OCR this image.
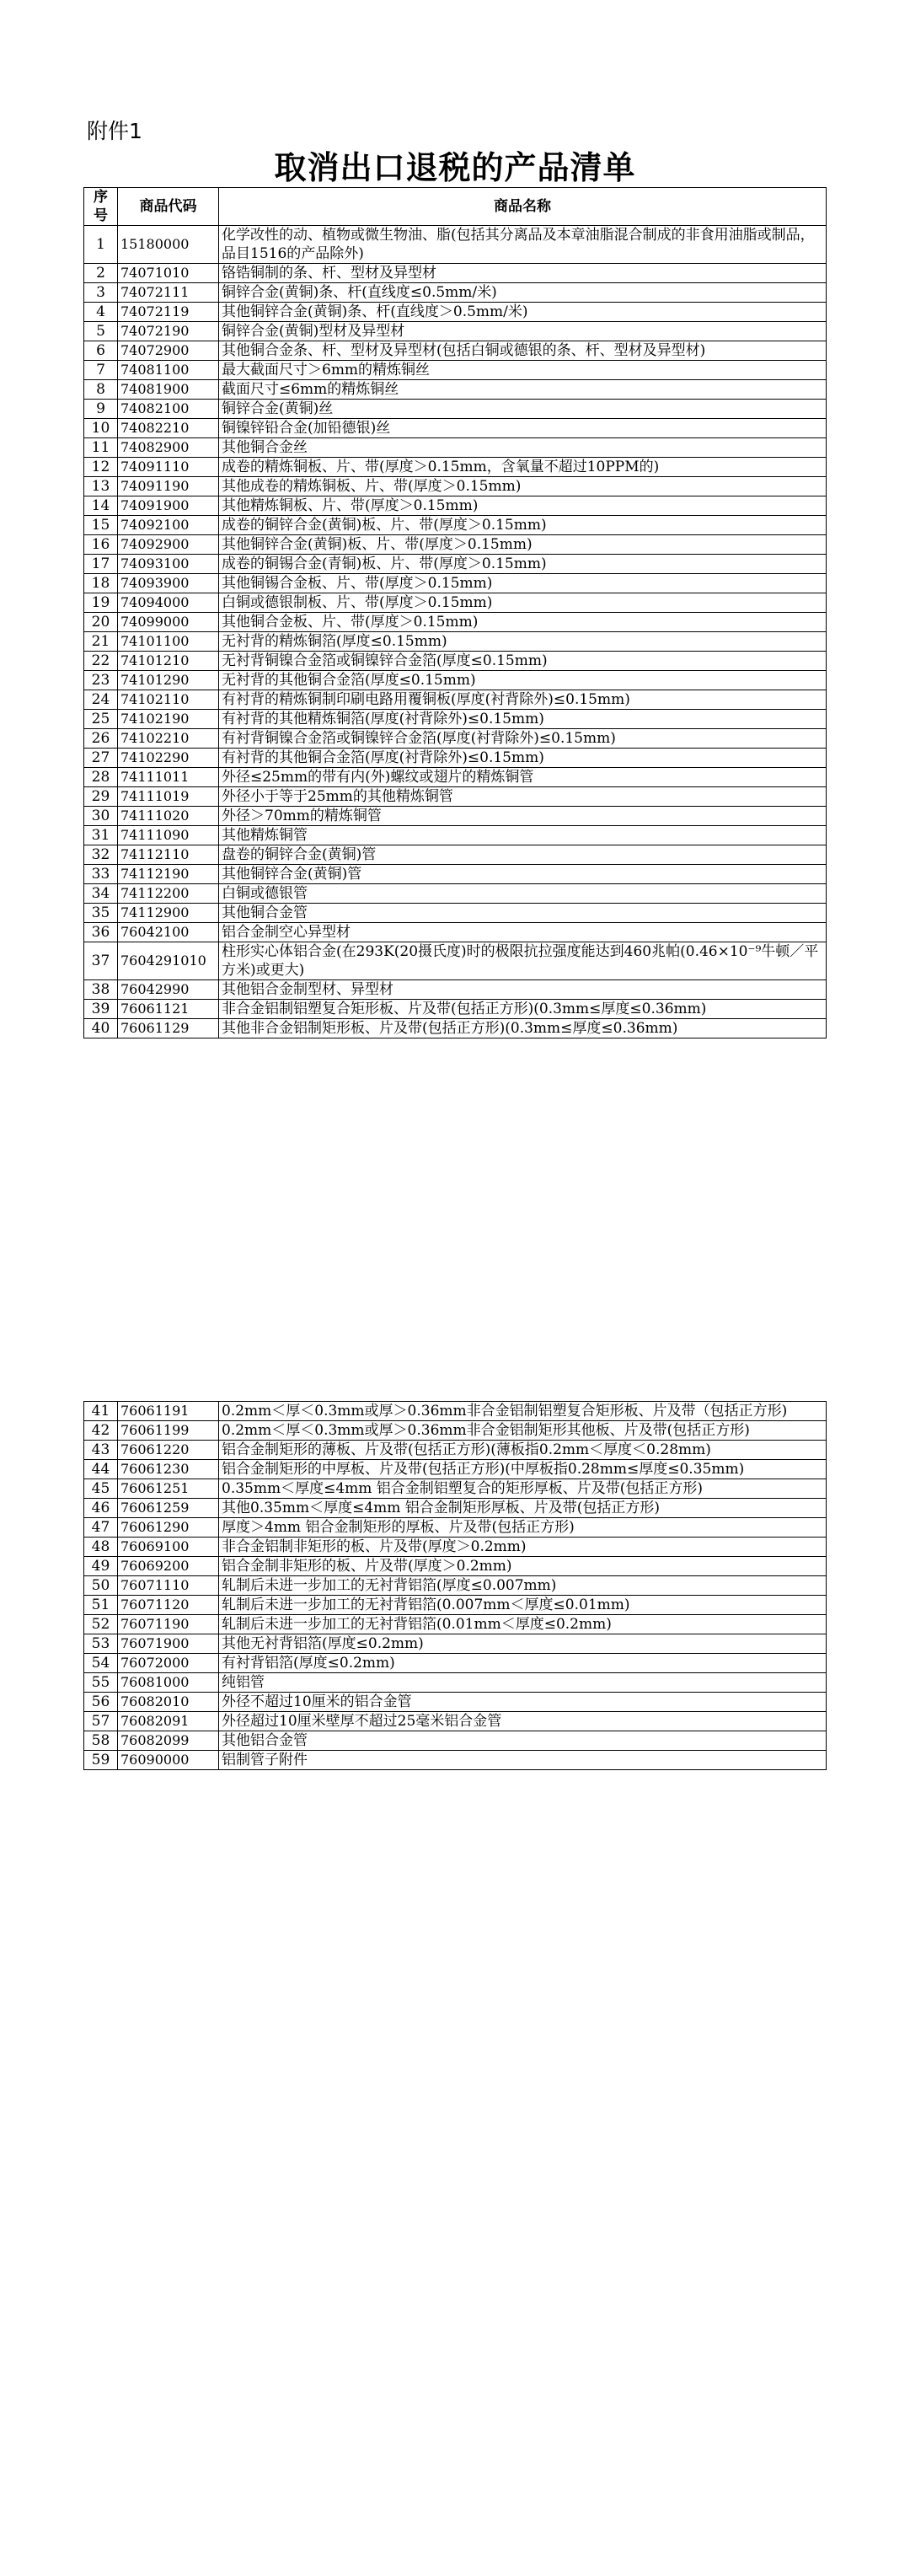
附件1
取消出口退税的产品清单
序号	商品代码	商品名称
1	15180000	化学改性的动、植物或微生物油、脂(包括其分离品及本章油脂混合制成的非食用油脂或制品，品目1516的产品除外)
2	74071010	铬锆铜制的条、杆、型材及异型材
3	74072111	铜锌合金(黄铜)条、杆(直线度≤0.5mm/米)
4	74072119	其他铜锌合金(黄铜)条、杆(直线度＞0.5mm/米)
5	74072190	铜锌合金(黄铜)型材及异型材
6	74072900	其他铜合金条、杆、型材及异型材(包括白铜或德银的条、杆、型材及异型材)
7	74081100	最大截面尺寸＞6mm的精炼铜丝
8	74081900	截面尺寸≤6mm的精炼铜丝
9	74082100	铜锌合金(黄铜)丝
10	74082210	铜镍锌铅合金(加铅德银)丝
11	74082900	其他铜合金丝
12	74091110	成卷的精炼铜板、片、带(厚度＞0.15mm，含氧量不超过10PPM的)
13	74091190	其他成卷的精炼铜板、片、带(厚度＞0.15mm)
14	74091900	其他精炼铜板、片、带(厚度＞0.15mm)
15	74092100	成卷的铜锌合金(黄铜)板、片、带(厚度＞0.15mm)
16	74092900	其他铜锌合金(黄铜)板、片、带(厚度＞0.15mm)
17	74093100	成卷的铜锡合金(青铜)板、片、带(厚度＞0.15mm)
18	74093900	其他铜锡合金板、片、带(厚度＞0.15mm)
19	74094000	白铜或德银制板、片、带(厚度＞0.15mm)
20	74099000	其他铜合金板、片、带(厚度＞0.15mm)
21	74101100	无衬背的精炼铜箔(厚度≤0.15mm)
22	74101210	无衬背铜镍合金箔或铜镍锌合金箔(厚度≤0.15mm)
23	74101290	无衬背的其他铜合金箔(厚度≤0.15mm)
24	74102110	有衬背的精炼铜制印刷电路用覆铜板(厚度(衬背除外)≤0.15mm)
25	74102190	有衬背的其他精炼铜箔(厚度(衬背除外)≤0.15mm)
26	74102210	有衬背铜镍合金箔或铜镍锌合金箔(厚度(衬背除外)≤0.15mm)
27	74102290	有衬背的其他铜合金箔(厚度(衬背除外)≤0.15mm)
28	74111011	外径≤25mm的带有内(外)螺纹或翅片的精炼铜管
29	74111019	外径小于等于25mm的其他精炼铜管
30	74111020	外径＞70mm的精炼铜管
31	74111090	其他精炼铜管
32	74112110	盘卷的铜锌合金(黄铜)管
33	74112190	其他铜锌合金(黄铜)管
34	74112200	白铜或德银管
35	74112900	其他铜合金管
36	76042100	铝合金制空心异型材
37	7604291010	柱形实心体铝合金(在293K(20摄氏度)时的极限抗拉强度能达到460兆帕(0.46×10⁻⁹牛顿／平方米)或更大)
38	76042990	其他铝合金制型材、异型材
39	76061121	非合金铝制铝塑复合矩形板、片及带(包括正方形)(0.3mm≤厚度≤0.36mm)
40	76061129	其他非合金铝制矩形板、片及带(包括正方形)(0.3mm≤厚度≤0.36mm)
41	76061191	0.2mm＜厚＜0.3mm或厚＞0.36mm非合金铝制铝塑复合矩形板、片及带（包括正方形)
42	76061199	0.2mm＜厚＜0.3mm或厚＞0.36mm非合金铝制矩形其他板、片及带(包括正方形)
43	76061220	铝合金制矩形的薄板、片及带(包括正方形)(薄板指0.2mm＜厚度＜0.28mm)
44	76061230	铝合金制矩形的中厚板、片及带(包括正方形)(中厚板指0.28mm≤厚度≤0.35mm)
45	76061251	0.35mm＜厚度≤4mm 铝合金制铝塑复合的矩形厚板、片及带(包括正方形)
46	76061259	其他0.35mm＜厚度≤4mm 铝合金制矩形厚板、片及带(包括正方形)
47	76061290	厚度＞4mm 铝合金制矩形的厚板、片及带(包括正方形)
48	76069100	非合金铝制非矩形的板、片及带(厚度＞0.2mm)
49	76069200	铝合金制非矩形的板、片及带(厚度＞0.2mm)
50	76071110	轧制后未进一步加工的无衬背铝箔(厚度≤0.007mm)
51	76071120	轧制后未进一步加工的无衬背铝箔(0.007mm＜厚度≤0.01mm)
52	76071190	轧制后未进一步加工的无衬背铝箔(0.01mm＜厚度≤0.2mm)
53	76071900	其他无衬背铝箔(厚度≤0.2mm)
54	76072000	有衬背铝箔(厚度≤0.2mm)
55	76081000	纯铝管
56	76082010	外径不超过10厘米的铝合金管
57	76082091	外径超过10厘米壁厚不超过25毫米铝合金管
58	76082099	其他铝合金管
59	76090000	铝制管子附件
